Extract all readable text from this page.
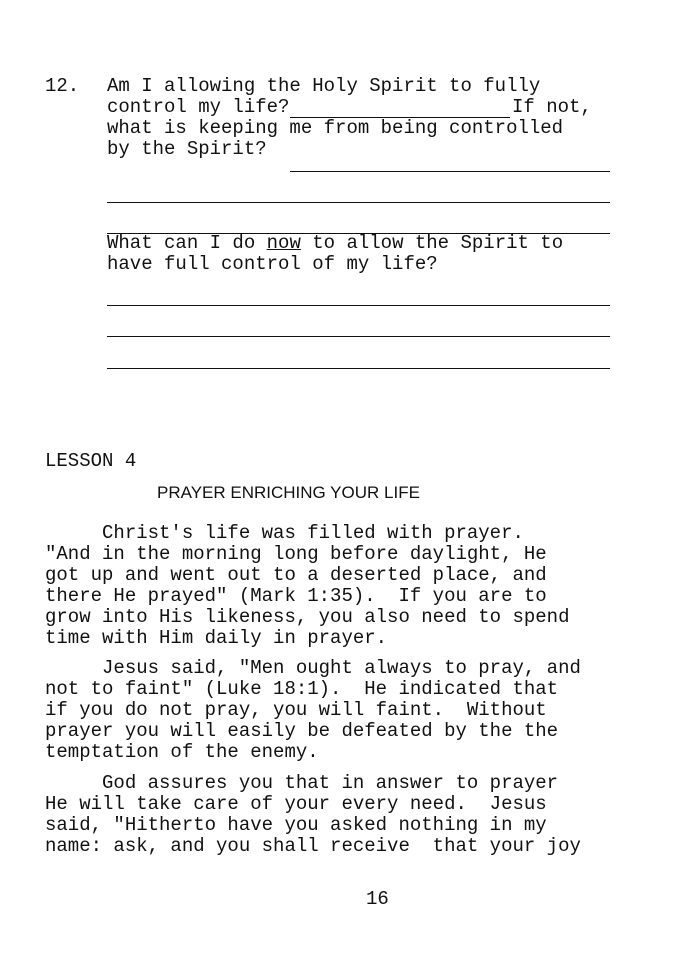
12. Am I allowing the Holy Spirit to fully
control my life?	If not,
what is keeping me from being controlled
by the Spirit?
What can I do now to allow the Spirit to
have full control of my life?
LESSON 4
PRAYER ENRICHING YOUR LIFE
Christ's life was filled with prayer.
"And in the morning long before daylight, He
got up and went out to a deserted place, and
there He prayed" (Mark 1:35).  If you are to
grow into His likeness, you also need to spend
time with Him daily in prayer.
Jesus said, "Men ought always to pray, and
not to faint" (Luke 18:1).  He indicated that
if you do not pray, you will faint.  Without
prayer you will easily be defeated by the the
temptation of the enemy.
God assures you that in answer to prayer
He will take care of your every need.  Jesus
said, "Hitherto have you asked nothing in my
name: ask, and you shall receive  that your joy
16
